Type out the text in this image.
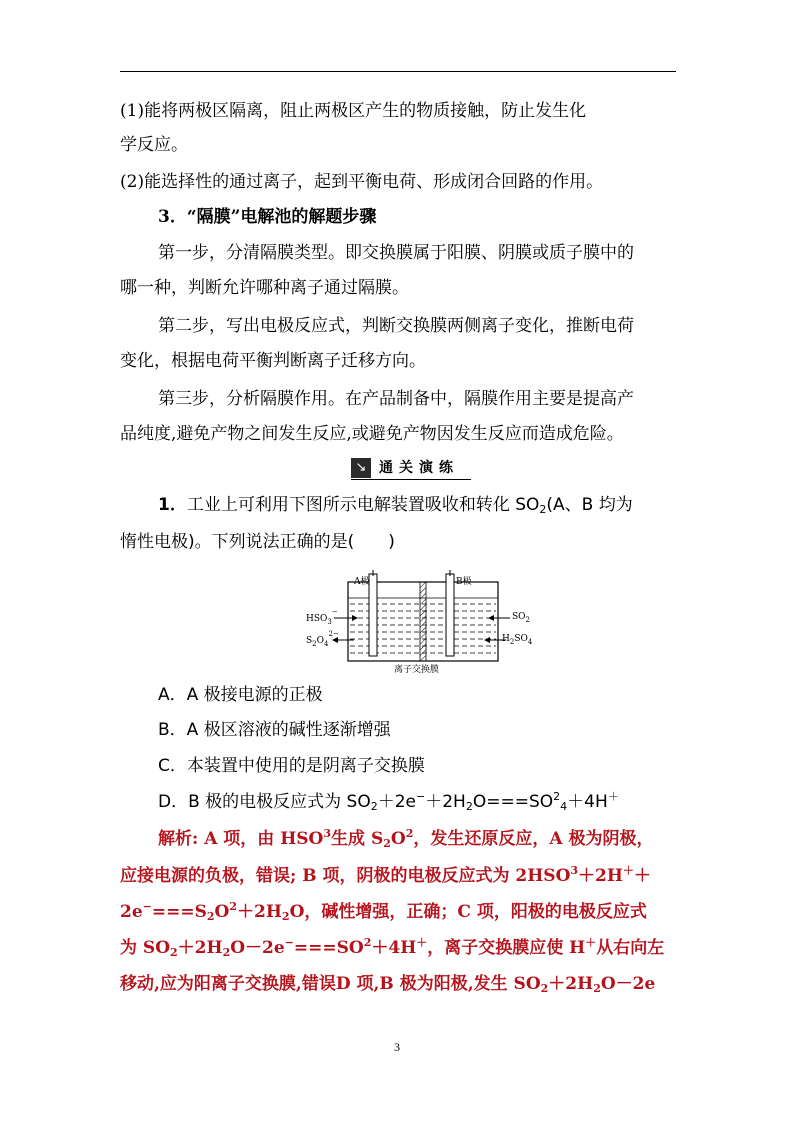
(1)能将两极区隔离，阻止两极区产生的物质接触，防止发生化
学反应。
(2)能选择性的通过离子，起到平衡电荷、形成闭合回路的作用。
3．“隔膜”电解池的解题步骤
第一步，分清隔膜类型。即交换膜属于阳膜、阴膜或质子膜中的
哪一种，判断允许哪种离子通过隔膜。
第二步，写出电极反应式，判断交换膜两侧离子变化，推断电荷
变化，根据电荷平衡判断离子迁移方向。
第三步，分析隔膜作用。在产品制备中，隔膜作用主要是提高产
品纯度,避免产物之间发生反应,或避免产物因发生反应而造成危险。
↘ 通关演练
1．工业上可利用下图所示电解装置吸收和转化 $SO_2(A$、B 均为
惰性电极)。下列说法正确的是(　　)
A极	B极
$HSO_3^-$
$S_2O_4^{2-}$
$SO_2$
$H_2SO_4$
离子交换膜
A．A 极接电源的正极
B．A 极区溶液的碱性逐渐增强
C．本装置中使用的是阴离子交换膜
D．B 极的电极反应式为 $SO_2+2e^-+2H_2O===SO^2_4+4H^+$
解析: A 项，由 HSO$^3$生成 $S_2O^2$，发生还原反应，A 极为阴极，
应接电源的负极，错误; B 项，阴极的电极反应式为 $2HSO^3+2H^++$
$2e^-===S_2O^2+2H_2O$，碱性增强，正确；C 项，阳极的电极反应式
为 $SO_2+2H_2O-2e^-===SO^2+4H^+$，离子交换膜应使 H＋从右向左
移动,应为阳离子交换膜,错误D 项,B 极为阳极,发生 $SO_2+2H_2O-2e$
3
